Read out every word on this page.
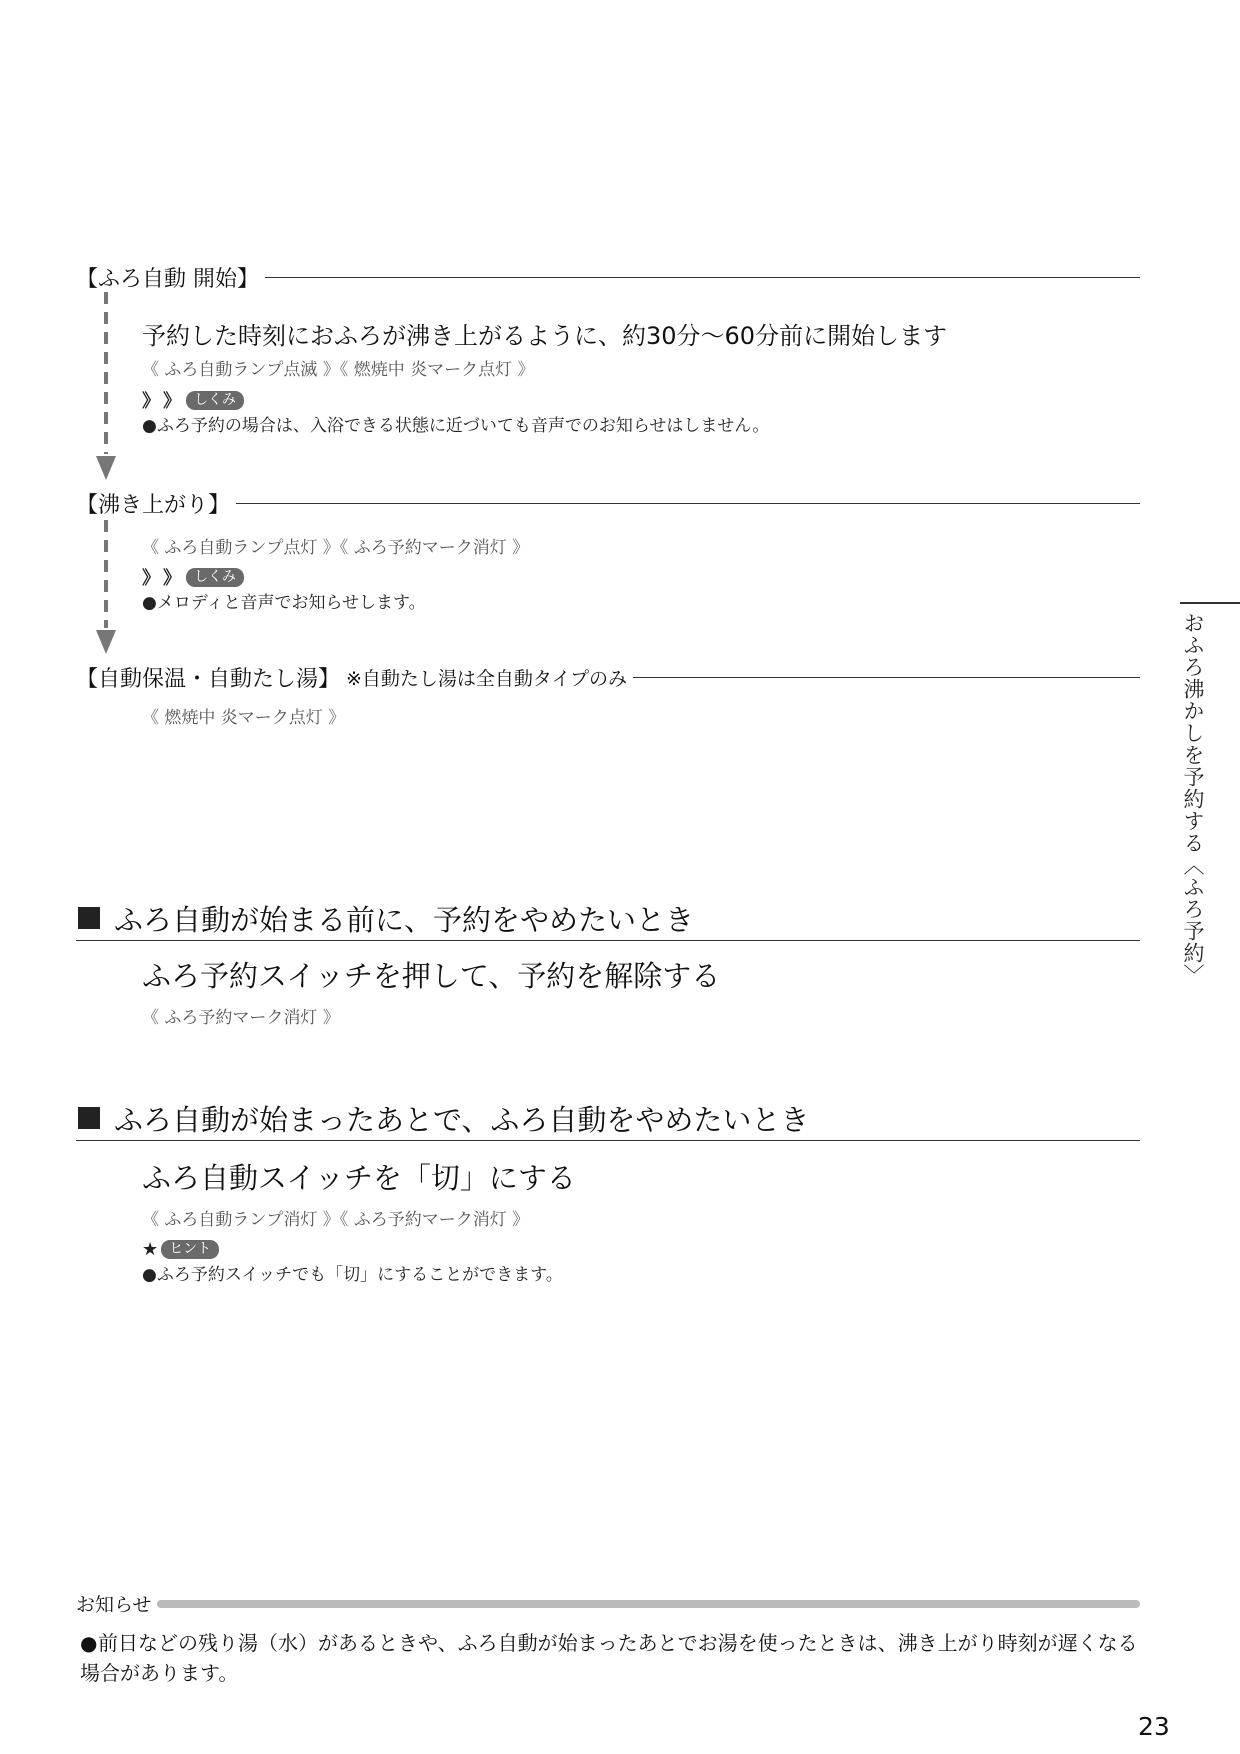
【ふろ自動 開始】
予約した時刻におふろが沸き上がるように、約30分～60分前に開始します
《 ふろ自動ランプ点滅 》《 燃焼中 炎マーク点灯 》
》 》	しくみ
●ふろ予約の場合は、入浴できる状態に近づいても音声でのお知らせはしません。
【沸き上がり】
《 ふろ自動ランプ点灯 》《 ふろ予約マーク消灯 》
》 》	しくみ
●メロディと音声でお知らせします。
【自動保温・自動たし湯】 ※自動たし湯は全自動タイプのみ
《 燃焼中 炎マーク点灯 》
ふろ自動が始まる前に、予約をやめたいとき
ふろ予約スイッチを押して、予約を解除する
《 ふろ予約マーク消灯 》
ふろ自動が始まったあとで、ふろ自動をやめたいとき
ふろ自動スイッチを「切」にする
《 ふろ自動ランプ消灯 》《 ふろ予約マーク消灯 》
★ ヒント
●ふろ予約スイッチでも「切」にすることができます。
おふろ沸かしを予約する〈ふろ予約〉
お知らせ
●前日などの残り湯（水）があるときや、ふろ自動が始まったあとでお湯を使ったときは、沸き上がり時刻が遅くなる場合があります。
23
